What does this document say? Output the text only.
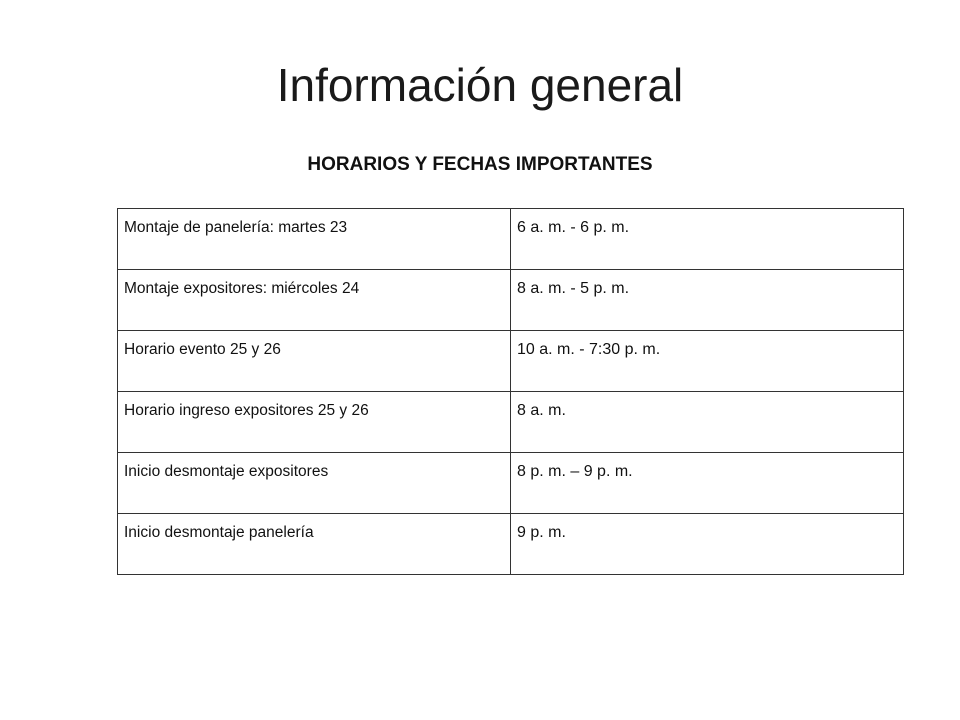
Información general
HORARIOS Y FECHAS IMPORTANTES
Montaje de panelería: martes 23	6 a. m. - 6 p. m.
Montaje expositores: miércoles 24	8 a. m. - 5 p. m.
Horario evento 25 y 26	10 a. m. - 7:30 p. m.
Horario ingreso expositores 25 y 26	8 a. m.
Inicio desmontaje expositores	8 p. m. – 9 p. m.
Inicio desmontaje panelería	9 p. m.
